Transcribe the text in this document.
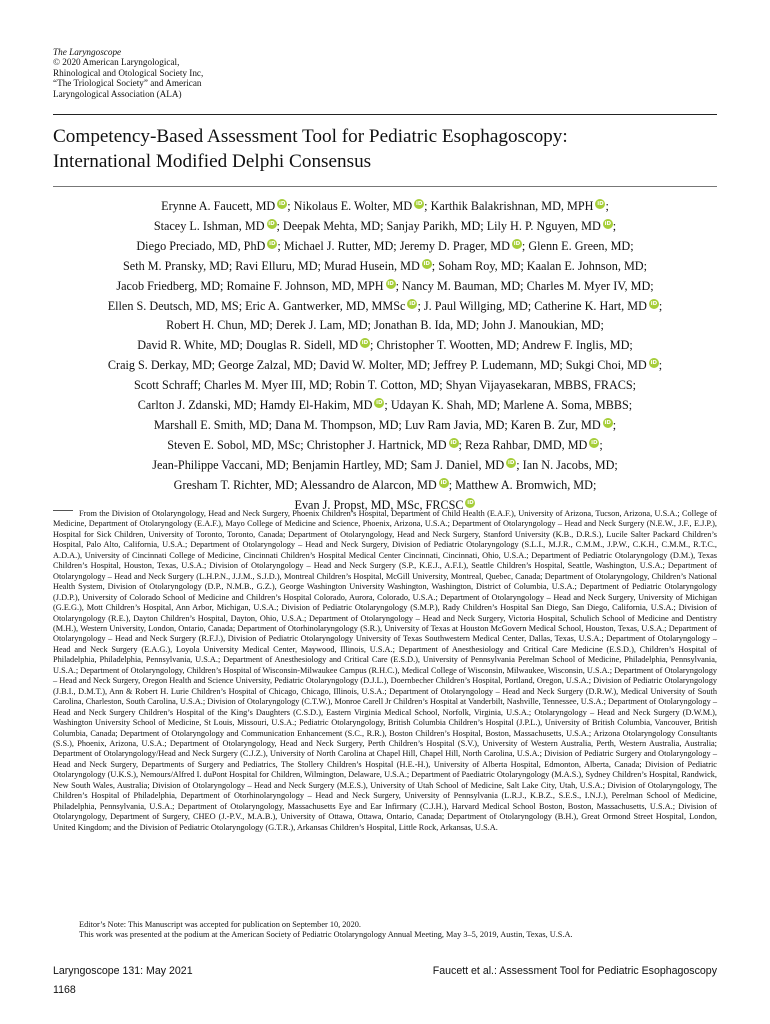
The Laryngoscope
© 2020 American Laryngological,
Rhinological and Otological Society Inc,
“The Triological Society” and American
Laryngological Association (ALA)
Competency-Based Assessment Tool for Pediatric Esophagoscopy:
International Modified Delphi Consensus
Erynne A. Faucett, MD iD ; Nikolaus E. Wolter, MD iD ; Karthik Balakrishnan, MD, MPH iD ;
Stacey L. Ishman, MD iD ; Deepak Mehta, MD; Sanjay Parikh, MD; Lily H. P. Nguyen, MD iD ;
Diego Preciado, MD, PhD iD ; Michael J. Rutter, MD; Jeremy D. Prager, MD iD ; Glenn E. Green, MD;
Seth M. Pransky, MD; Ravi Elluru, MD; Murad Husein, MD iD ; Soham Roy, MD; Kaalan E. Johnson, MD;
Jacob Friedberg, MD; Romaine F. Johnson, MD, MPH iD ; Nancy M. Bauman, MD; Charles M. Myer IV, MD;
Ellen S. Deutsch, MD, MS; Eric A. Gantwerker, MD, MMSc iD ; J. Paul Willging, MD; Catherine K. Hart, MD iD ;
Robert H. Chun, MD; Derek J. Lam, MD; Jonathan B. Ida, MD; John J. Manoukian, MD;
David R. White, MD; Douglas R. Sidell, MD iD ; Christopher T. Wootten, MD; Andrew F. Inglis, MD;
Craig S. Derkay, MD; George Zalzal, MD; David W. Molter, MD; Jeffrey P. Ludemann, MD; Sukgi Choi, MD iD ;
Scott Schraff; Charles M. Myer III, MD; Robin T. Cotton, MD; Shyan Vijayasekaran, MBBS, FRACS;
Carlton J. Zdanski, MD; Hamdy El-Hakim, MD iD ; Udayan K. Shah, MD; Marlene A. Soma, MBBS;
Marshall E. Smith, MD; Dana M. Thompson, MD; Luv Ram Javia, MD; Karen B. Zur, MD iD ;
Steven E. Sobol, MD, MSc; Christopher J. Hartnick, MD iD ; Reza Rahbar, DMD, MD iD ;
Jean-Philippe Vaccani, MD; Benjamin Hartley, MD; Sam J. Daniel, MD iD ; Ian N. Jacobs, MD;
Gresham T. Richter, MD; Alessandro de Alarcon, MD iD ; Matthew A. Bromwich, MD;
Evan J. Propst, MD, MSc, FRCSCiD
From the Division of Otolaryngology, Head and Neck Surgery, Phoenix Children’s Hospital, Department of Child Health (E.A.F.), University of Arizona, Tucson, Arizona, U.S.A.; College of Medicine, Department of Otolaryngology (E.A.F.), Mayo College of Medicine and Science, Phoenix, Arizona, U.S.A.; Department of Otolaryngology – Head and Neck Surgery (N.E.W., J.F., E.J.P.), Hospital for Sick Children, University of Toronto, Toronto, Canada; Department of Otolaryngology, Head and Neck Surgery, Stanford University (K.B., D.R.S.), Lucile Salter Packard Children’s Hospital, Palo Alto, California, U.S.A.; Department of Otolaryngology – Head and Neck Surgery, Division of Pediatric Otolaryngology (S.L.I., M.J.R., C.M.M., J.P.W., C.K.H., C.M.M., R.T.C., A.D.A.), University of Cincinnati College of Medicine, Cincinnati Children’s Hospital Medical Center Cincinnati, Cincinnati, Ohio, U.S.A.; Department of Pediatric Otolaryngology (D.M.), Texas Children’s Hospital, Houston, Texas, U.S.A.; Division of Otolaryngology – Head and Neck Surgery (S.P., K.E.J., A.F.I.), Seattle Children’s Hospital, Seattle, Washington, U.S.A.; Department of Otolaryngology – Head and Neck Surgery (L.H.P.N., J.J.M., S.J.D.), Montreal Children’s Hospital, McGill University, Montreal, Quebec, Canada; Department of Otolaryngology, Children’s National Health System, Division of Otolaryngology (D.P., N.M.B., G.Z.), George Washington University Washington, Washington, District of Columbia, U.S.A.; Department of Pediatric Otolaryngology (J.D.P.), University of Colorado School of Medicine and Children’s Hospital Colorado, Aurora, Colorado, U.S.A.; Department of Otolaryngology – Head and Neck Surgery, University of Michigan (G.E.G.), Mott Children’s Hospital, Ann Arbor, Michigan, U.S.A.; Division of Pediatric Otolaryngology (S.M.P.), Rady Children’s Hospital San Diego, San Diego, California, U.S.A.; Division of Otolaryngology (R.E.), Dayton Children’s Hospital, Dayton, Ohio, U.S.A.; Department of Otolaryngology – Head and Neck Surgery, Victoria Hospital, Schulich School of Medicine and Dentistry (M.H.), Western University, London, Ontario, Canada; Department of Otorhinolaryngology (S.R.), University of Texas at Houston McGovern Medical School, Houston, Texas, U.S.A.; Department of Otolaryngology – Head and Neck Surgery (R.F.J.), Division of Pediatric Otolaryngology University of Texas Southwestern Medical Center, Dallas, Texas, U.S.A.; Department of Otolaryngology – Head and Neck Surgery (E.A.G.), Loyola University Medical Center, Maywood, Illinois, U.S.A.; Department of Anesthesiology and Critical Care Medicine (E.S.D.), Children’s Hospital of Philadelphia, Philadelphia, Pennsylvania, U.S.A.; Department of Anesthesiology and Critical Care (E.S.D.), University of Pennsylvania Perelman School of Medicine, Philadelphia, Pennsylvania, U.S.A.; Department of Otolaryngology, Children’s Hospital of Wisconsin-Milwaukee Campus (R.H.C.), Medical College of Wisconsin, Milwaukee, Wisconsin, U.S.A.; Department of Otolaryngology – Head and Neck Surgery, Oregon Health and Science University, Pediatric Otolaryngology (D.J.L.), Doernbecher Children’s Hospital, Portland, Oregon, U.S.A.; Division of Pediatric Otolaryngology (J.B.I., D.M.T.), Ann & Robert H. Lurie Children’s Hospital of Chicago, Chicago, Illinois, U.S.A.; Department of Otolaryngology – Head and Neck Surgery (D.R.W.), Medical University of South Carolina, Charleston, South Carolina, U.S.A.; Division of Otolaryngology (C.T.W.), Monroe Carell Jr Children’s Hospital at Vanderbilt, Nashville, Tennessee, U.S.A.; Department of Otolaryngology – Head and Neck Surgery Children’s Hospital of the King’s Daughters (C.S.D.), Eastern Virginia Medical School, Norfolk, Virginia, U.S.A.; Otolaryngology – Head and Neck Surgery (D.W.M.), Washington University School of Medicine, St Louis, Missouri, U.S.A.; Pediatric Otolaryngology, British Columbia Children’s Hospital (J.P.L.), University of British Columbia, Vancouver, British Columbia, Canada; Department of Otolaryngology and Communication Enhancement (S.C., R.R.), Boston Children’s Hospital, Boston, Massachusetts, U.S.A.; Arizona Otolaryngology Consultants (S.S.), Phoenix, Arizona, U.S.A.; Department of Otolaryngology, Head and Neck Surgery, Perth Children’s Hospital (S.V.), University of Western Australia, Perth, Western Australia, Australia; Department of Otolaryngology/Head and Neck Surgery (C.J.Z.), University of North Carolina at Chapel Hill, Chapel Hill, North Carolina, U.S.A.; Division of Pediatric Surgery and Otolaryngology – Head and Neck Surgery, Departments of Surgery and Pediatrics, The Stollery Children’s Hospital (H.E.-H.), University of Alberta Hospital, Edmonton, Alberta, Canada; Division of Pediatric Otolaryngology (U.K.S.), Nemours/Alfred I. duPont Hospital for Children, Wilmington, Delaware, U.S.A.; Department of Paediatric Otolaryngology (M.A.S.), Sydney Children’s Hospital, Randwick, New South Wales, Australia; Division of Otolaryngology – Head and Neck Surgery (M.E.S.), University of Utah School of Medicine, Salt Lake City, Utah, U.S.A.; Division of Otolaryngology, The Children’s Hospital of Philadelphia, Department of Otorhinolaryngology – Head and Neck Surgery, University of Pennsylvania (L.R.J., K.B.Z., S.E.S., I.N.J.), Perelman School of Medicine, Philadelphia, Pennsylvania, U.S.A.; Department of Otolaryngology, Massachusetts Eye and Ear Infirmary (C.J.H.), Harvard Medical School Boston, Boston, Massachusetts, U.S.A.; Division of Otolaryngology, Department of Surgery, CHEO (J.-P.V., M.A.B.), University of Ottawa, Ottawa, Ontario, Canada; Department of Otolaryngology (B.H.), Great Ormond Street Hospital, London, United Kingdom; and the Division of Pediatric Otolaryngology (G.T.R.), Arkansas Children’s Hospital, Little Rock, Arkansas, U.S.A.
Editor’s Note: This Manuscript was accepted for publication on September 10, 2020.
This work was presented at the podium at the American Society of Pediatric Otolaryngology Annual Meeting, May 3–5, 2019, Austin, Texas, U.S.A.
Laryngoscope 131: May 2021	Faucett et al.: Assessment Tool for Pediatric Esophagoscopy
1168
